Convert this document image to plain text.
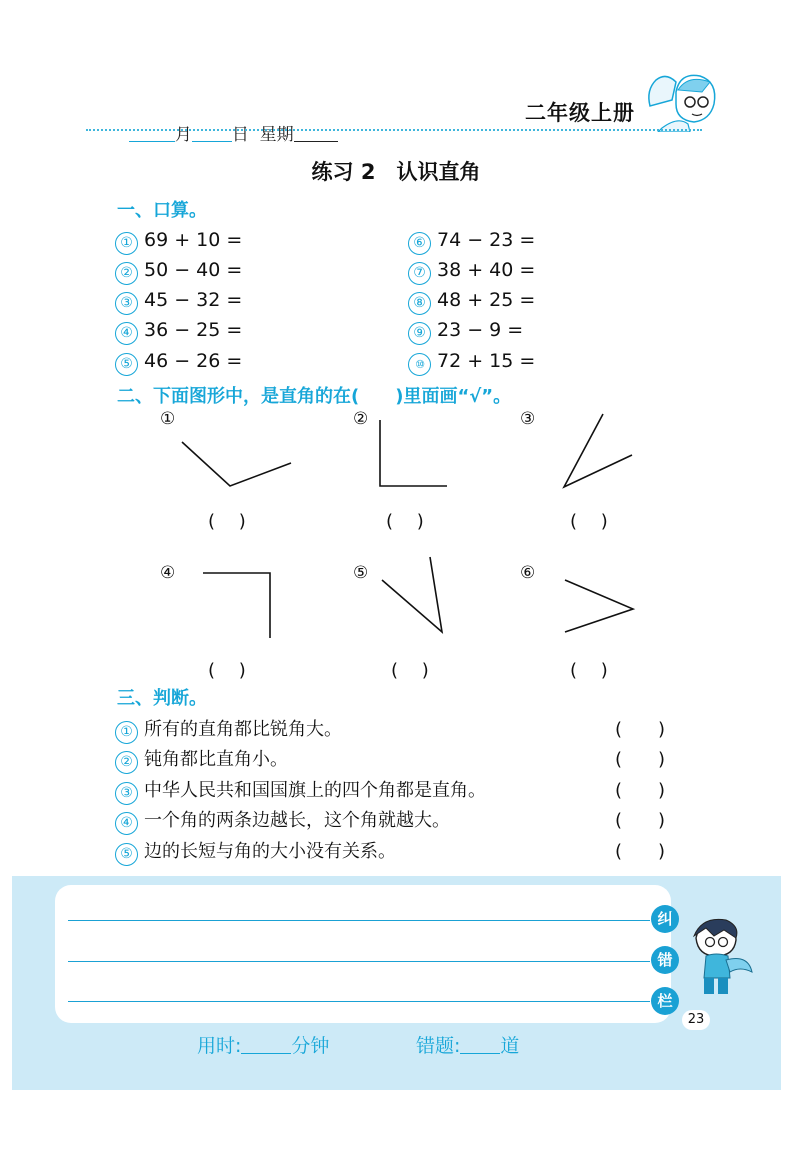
月 日 星期

二年级上册
练习 2　认识直角
一、口算。
① 69 + 10 =
② 50 − 40 =
③ 45 − 32 =
④ 36 − 25 =
⑤ 46 − 26 =
⑥ 74 − 23 =
⑦ 38 + 40 =
⑧ 48 + 25 =
⑨ 23 − 9 =
⑩ 72 + 15 =
二、下面图形中，是直角的在(　　)里面画“√”。
①	②	③
④	⑤	⑥
(　 )	(　 )	(　 )
(　 )	(　 )	(　 )
三、判断。
① 所有的直角都比锐角大。
② 钝角都比直角小。
③ 中华人民共和国国旗上的四个角都是直角。
④ 一个角的两条边越长，这个角就越大。
⑤ 边的长短与角的大小没有关系。
(　　)
(　　)
(　　)
(　　)
(　　)
纠
错
栏
23
用时:	分钟	错题: 道
